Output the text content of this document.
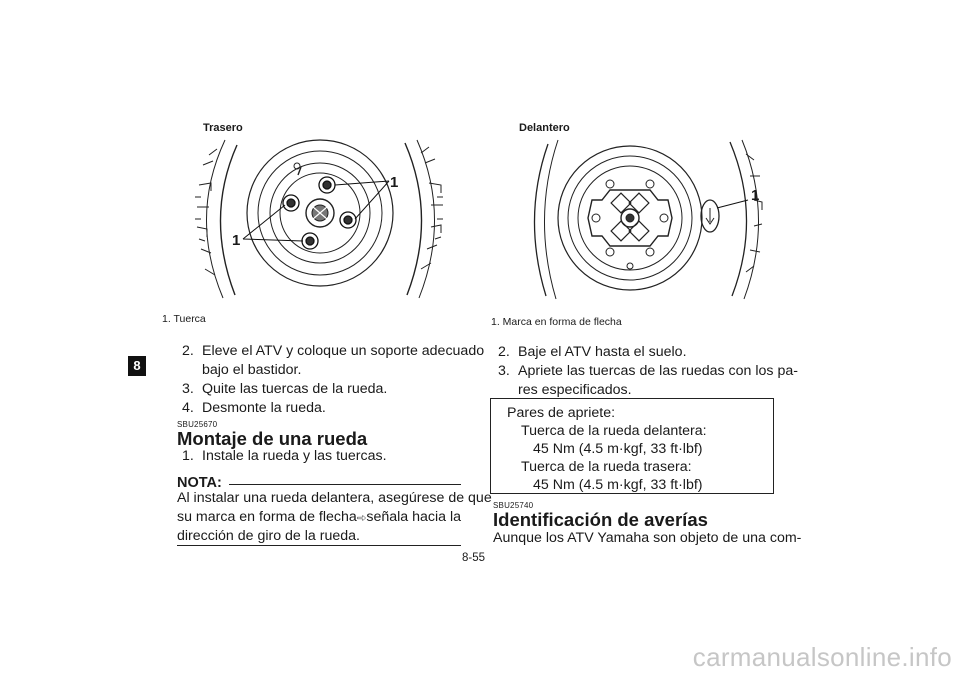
8
Trasero
1
1
1. Tuerca
Delantero
1
1. Marca en forma de flecha
2. Eleve el ATV y coloque un soporte adecuado
bajo el bastidor.
3. Quite las tuercas de la rueda.
4. Desmonte la rueda.
SBU25670
Montaje de una rueda
1. Instale la rueda y las tuercas.
NOTA:
Al instalar una rueda delantera, asegúrese de que
su marca en forma de flecha señala hacia la
dirección de giro de la rueda.
2. Baje el ATV hasta el suelo.
3. Apriete las tuercas de las ruedas con los pa-
res especificados.
Pares de apriete:
Tuerca de la rueda delantera:
45 Nm (4.5 m·kgf, 33 ft·lbf)
Tuerca de la rueda trasera:
45 Nm (4.5 m·kgf, 33 ft·lbf)
SBU25740
Identificación de averías
Aunque los ATV Yamaha son objeto de una com-
8-55
carmanualsonline.info
